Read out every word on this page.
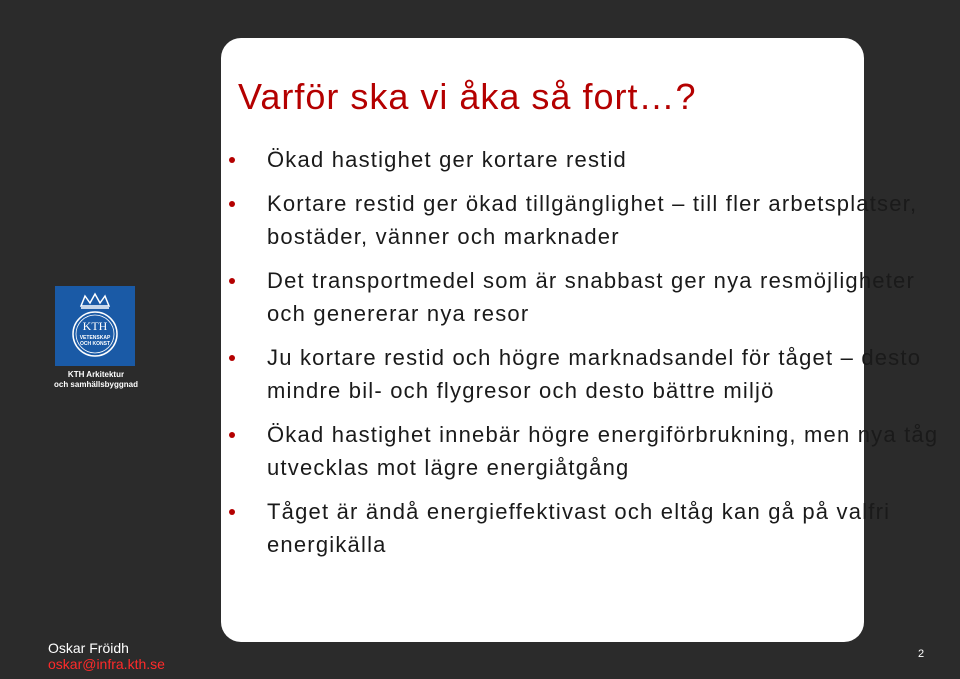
Varför ska vi åka så fort…?
Ökad hastighet ger kortare restid
Kortare restid ger ökad tillgänglighet – till fler arbetsplatser, bostäder, vänner och marknader
Det transportmedel som är snabbast ger nya resmöjligheter och genererar nya resor
Ju kortare restid och högre marknadsandel för tåget – desto mindre bil- och flygresor och desto bättre miljö
Ökad hastighet innebär högre energiförbrukning, men nya tåg utvecklas mot lägre energiåtgång
Tåget är ändå energieffektivast och eltåg kan gå på valfri energikälla
KTH
VETENSKAP
OCH KONST
KTH Arkitektur
och samhällsbyggnad
Oskar Fröidh
oskar@infra.kth.se
2
